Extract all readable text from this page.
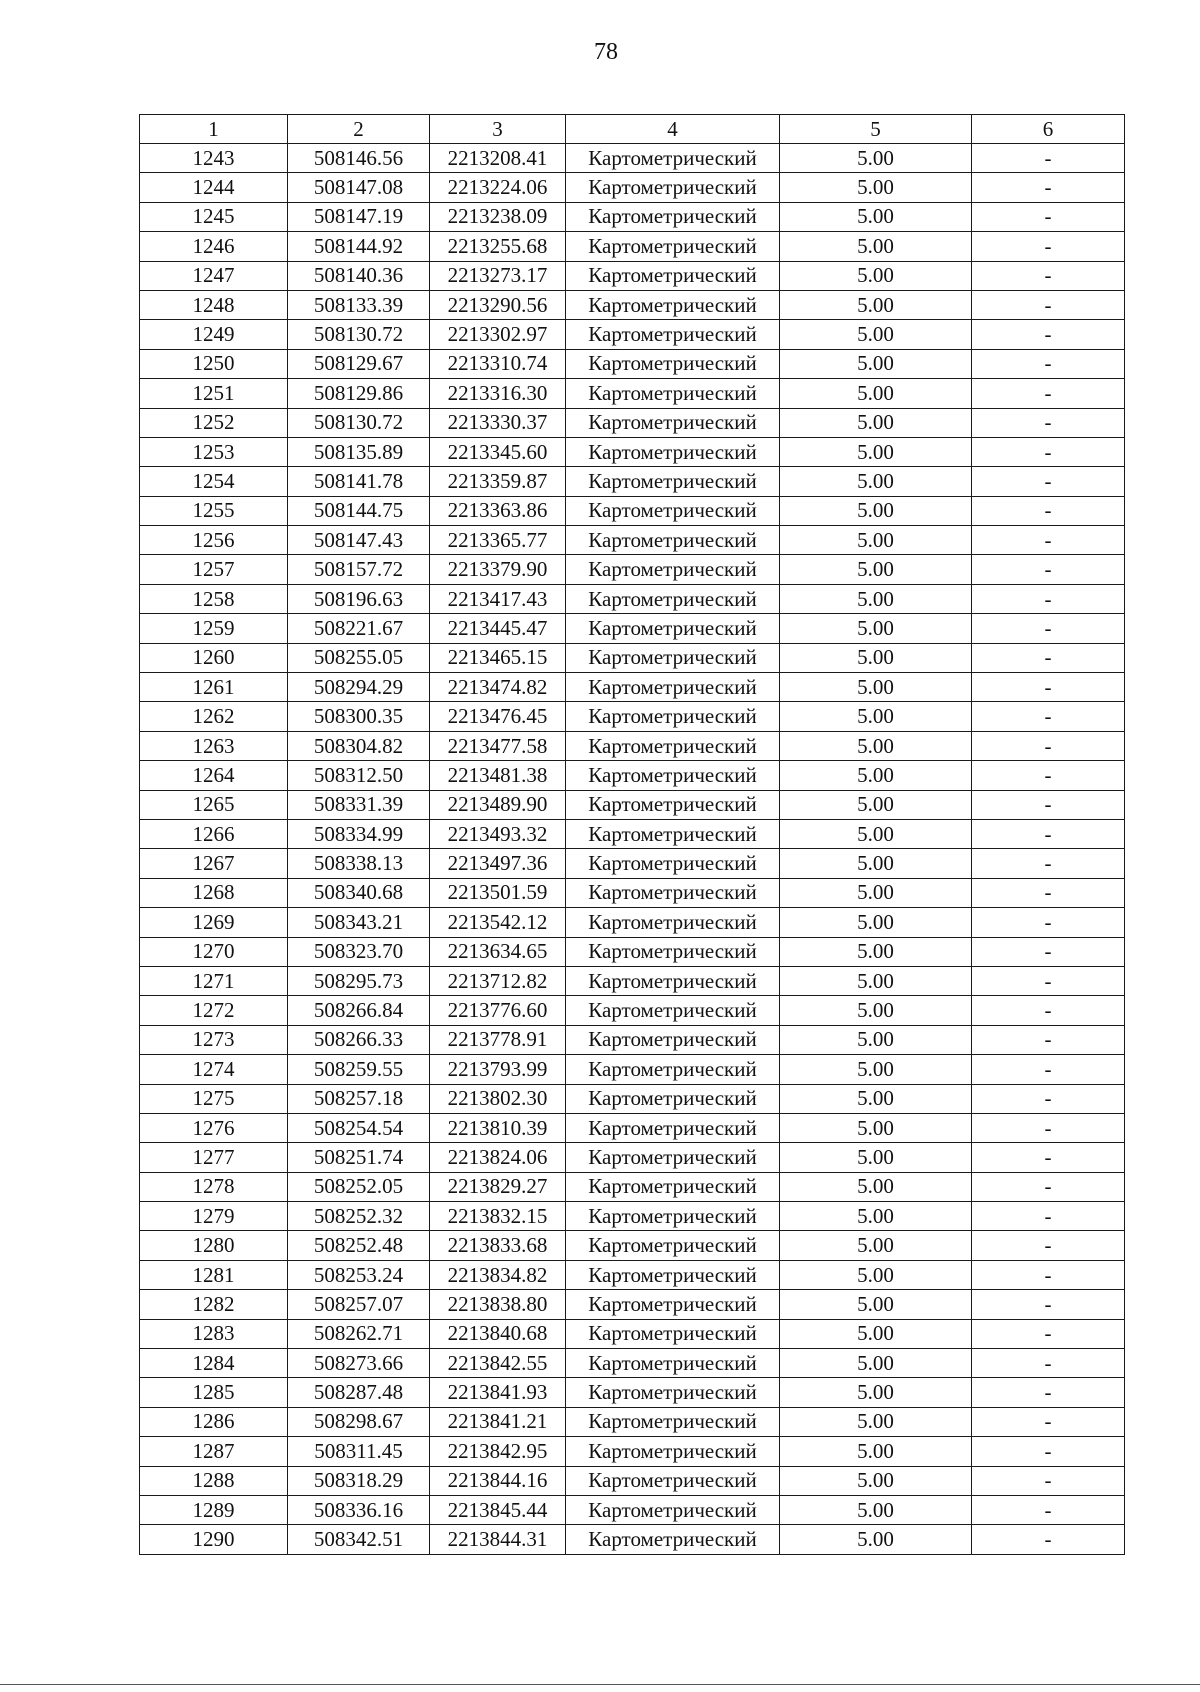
78
1	2	3	4	5	6
1243	508146.56	2213208.41	Картометрический	5.00	-
1244	508147.08	2213224.06	Картометрический	5.00	-
1245	508147.19	2213238.09	Картометрический	5.00	-
1246	508144.92	2213255.68	Картометрический	5.00	-
1247	508140.36	2213273.17	Картометрический	5.00	-
1248	508133.39	2213290.56	Картометрический	5.00	-
1249	508130.72	2213302.97	Картометрический	5.00	-
1250	508129.67	2213310.74	Картометрический	5.00	-
1251	508129.86	2213316.30	Картометрический	5.00	-
1252	508130.72	2213330.37	Картометрический	5.00	-
1253	508135.89	2213345.60	Картометрический	5.00	-
1254	508141.78	2213359.87	Картометрический	5.00	-
1255	508144.75	2213363.86	Картометрический	5.00	-
1256	508147.43	2213365.77	Картометрический	5.00	-
1257	508157.72	2213379.90	Картометрический	5.00	-
1258	508196.63	2213417.43	Картометрический	5.00	-
1259	508221.67	2213445.47	Картометрический	5.00	-
1260	508255.05	2213465.15	Картометрический	5.00	-
1261	508294.29	2213474.82	Картометрический	5.00	-
1262	508300.35	2213476.45	Картометрический	5.00	-
1263	508304.82	2213477.58	Картометрический	5.00	-
1264	508312.50	2213481.38	Картометрический	5.00	-
1265	508331.39	2213489.90	Картометрический	5.00	-
1266	508334.99	2213493.32	Картометрический	5.00	-
1267	508338.13	2213497.36	Картометрический	5.00	-
1268	508340.68	2213501.59	Картометрический	5.00	-
1269	508343.21	2213542.12	Картометрический	5.00	-
1270	508323.70	2213634.65	Картометрический	5.00	-
1271	508295.73	2213712.82	Картометрический	5.00	-
1272	508266.84	2213776.60	Картометрический	5.00	-
1273	508266.33	2213778.91	Картометрический	5.00	-
1274	508259.55	2213793.99	Картометрический	5.00	-
1275	508257.18	2213802.30	Картометрический	5.00	-
1276	508254.54	2213810.39	Картометрический	5.00	-
1277	508251.74	2213824.06	Картометрический	5.00	-
1278	508252.05	2213829.27	Картометрический	5.00	-
1279	508252.32	2213832.15	Картометрический	5.00	-
1280	508252.48	2213833.68	Картометрический	5.00	-
1281	508253.24	2213834.82	Картометрический	5.00	-
1282	508257.07	2213838.80	Картометрический	5.00	-
1283	508262.71	2213840.68	Картометрический	5.00	-
1284	508273.66	2213842.55	Картометрический	5.00	-
1285	508287.48	2213841.93	Картометрический	5.00	-
1286	508298.67	2213841.21	Картометрический	5.00	-
1287	508311.45	2213842.95	Картометрический	5.00	-
1288	508318.29	2213844.16	Картометрический	5.00	-
1289	508336.16	2213845.44	Картометрический	5.00	-
1290	508342.51	2213844.31	Картометрический	5.00	-
